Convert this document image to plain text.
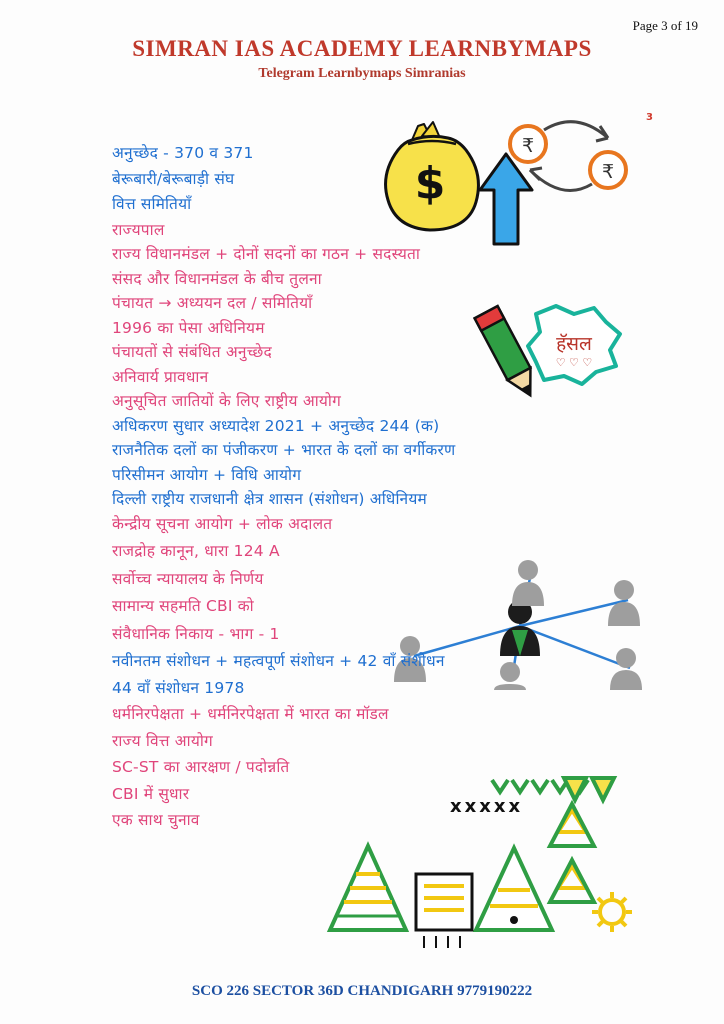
Page 3 of 19
SIMRAN IAS ACADEMY LEARNBYMAPS
Telegram Learnbymaps Simranias
3
$
₹
₹
हॅसल
♡ ♡ ♡
xxxxx
अनुच्छेद - 370 व 371
बेरूबारी/बेरूबाड़ी संघ
वित्त समितियाँ
राज्यपाल
राज्य विधानमंडल + दोनों सदनों का गठन + सदस्यता
संसद और विधानमंडल के बीच तुलना
पंचायत → अध्ययन दल / समितियाँ
1996 का पेसा अधिनियम
पंचायतों से संबंधित अनुच्छेद
अनिवार्य प्रावधान
अनुसूचित जातियों के लिए राष्ट्रीय आयोग
अधिकरण सुधार अध्यादेश 2021 + अनुच्छेद 244 (क)
राजनैतिक दलों का पंजीकरण + भारत के दलों का वर्गीकरण
परिसीमन आयोग + विधि आयोग
दिल्ली राष्ट्रीय राजधानी क्षेत्र शासन (संशोधन) अधिनियम
केन्द्रीय सूचना आयोग + लोक अदालत
राजद्रोह कानून, धारा 124 A
सर्वोच्च न्यायालय के निर्णय
सामान्य सहमति CBI को
संवैधानिक निकाय - भाग - 1
नवीनतम संशोधन + महत्वपूर्ण संशोधन + 42 वाँ संशोधन
44 वाँ संशोधन 1978
धर्मनिरपेक्षता + धर्मनिरपेक्षता में भारत का मॉडल
राज्य वित्त आयोग
SC-ST का आरक्षण / पदोन्नति
CBI में सुधार
एक साथ चुनाव
SCO 226 SECTOR 36D CHANDIGARH 9779190222
